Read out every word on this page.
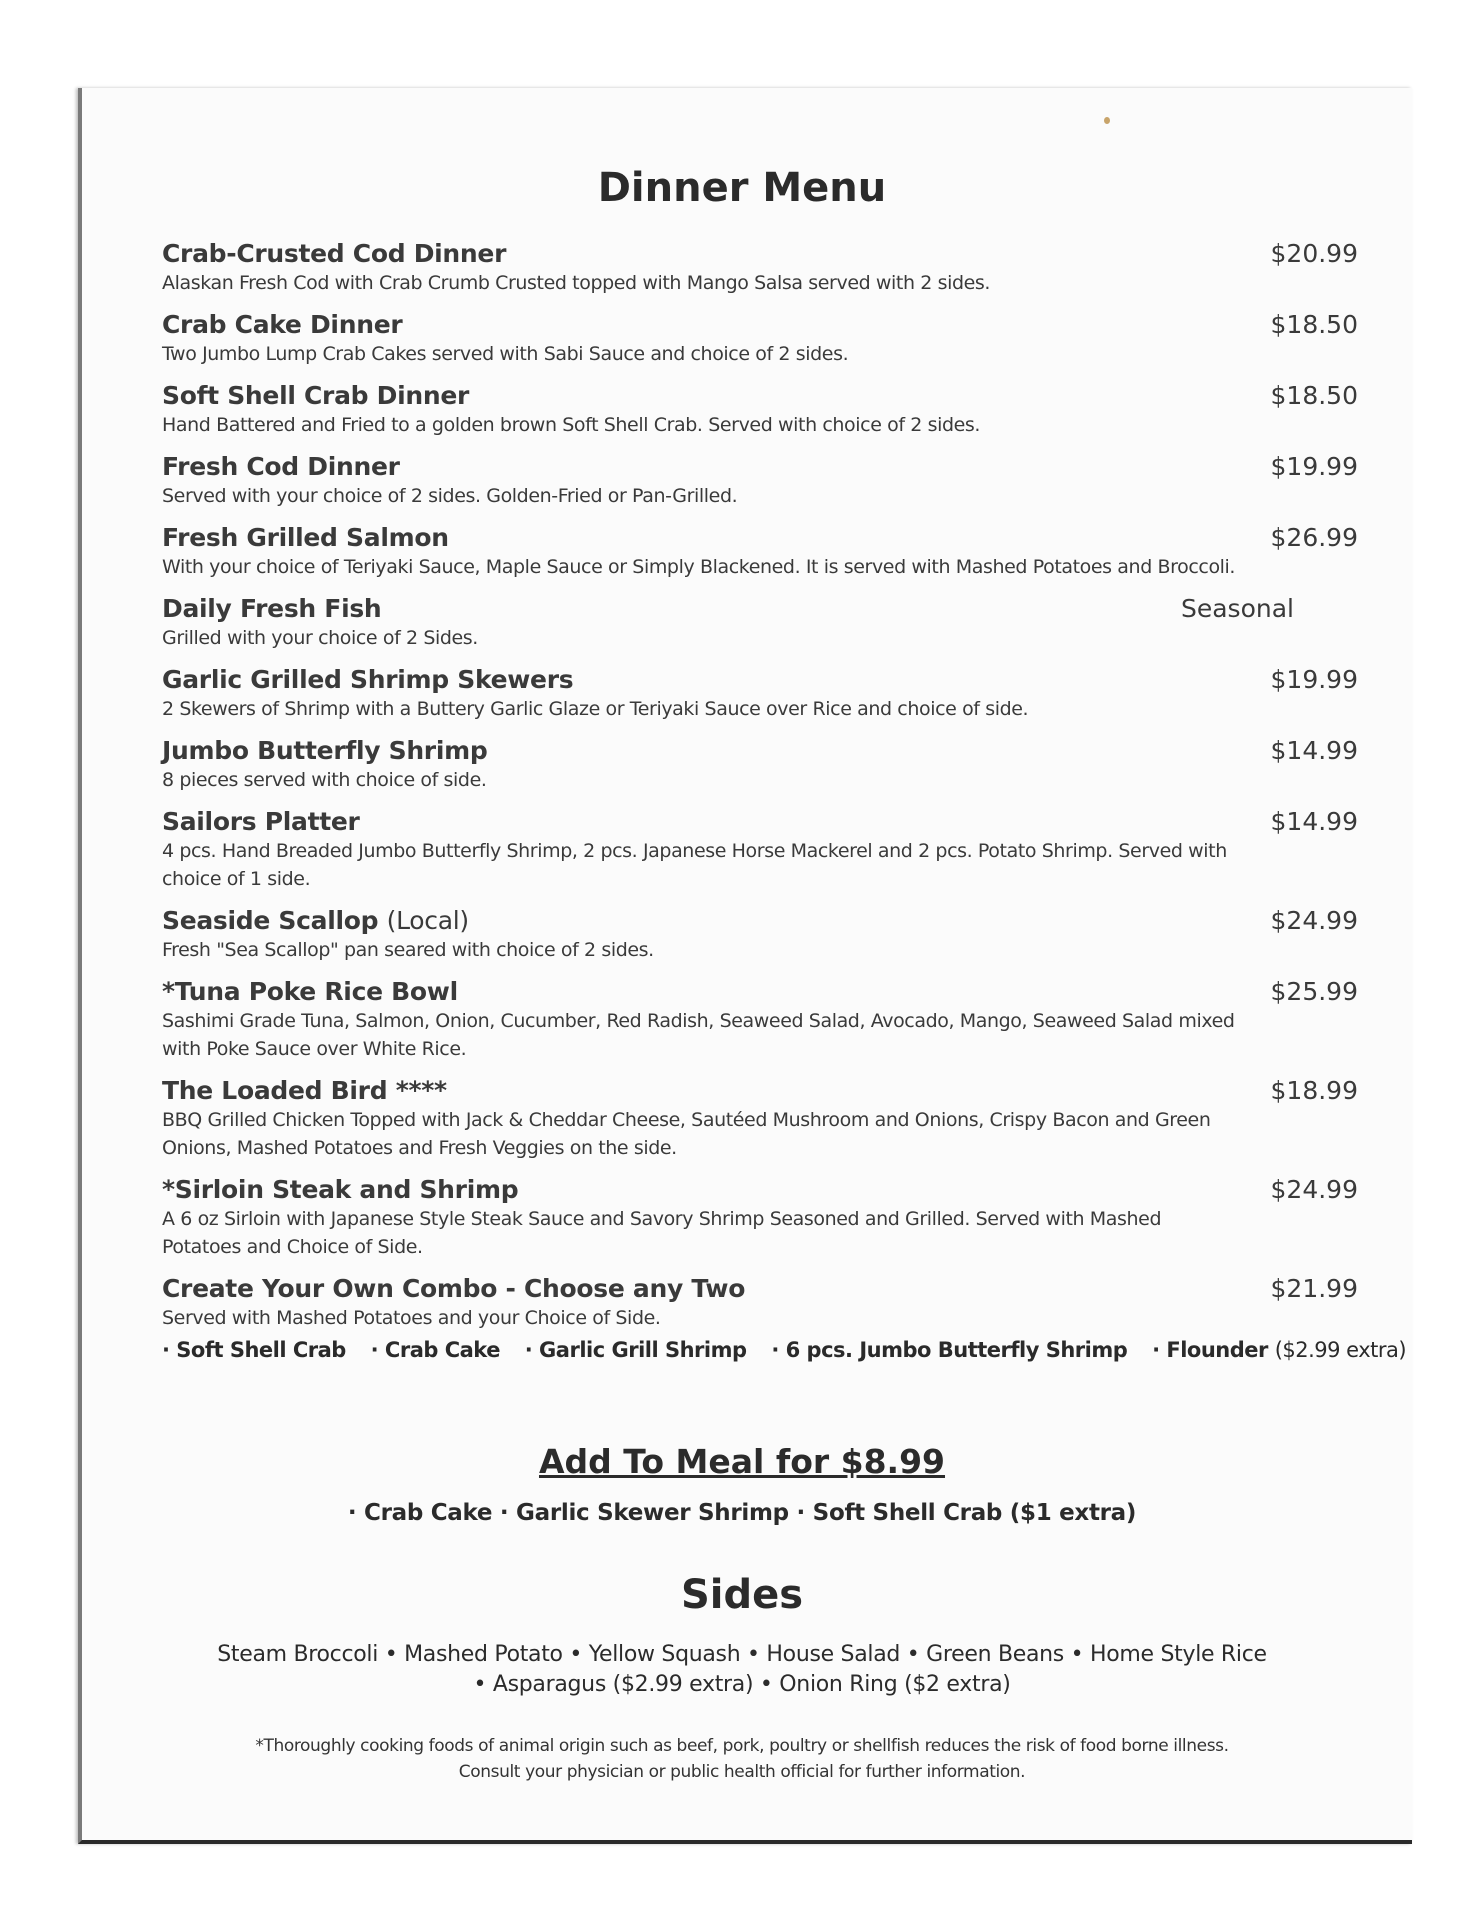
Dinner Menu
Crab-Crusted Cod Dinner	$20.99
Alaskan Fresh Cod with Crab Crumb Crusted topped with Mango Salsa served with 2 sides.
Crab Cake Dinner	$18.50
Two Jumbo Lump Crab Cakes served with Sabi Sauce and choice of 2 sides.
Soft Shell Crab Dinner	$18.50
Hand Battered and Fried to a golden brown Soft Shell Crab. Served with choice of 2 sides.
Fresh Cod Dinner	$19.99
Served with your choice of 2 sides. Golden-Fried or Pan-Grilled.
Fresh Grilled Salmon	$26.99
With your choice of Teriyaki Sauce, Maple Sauce or Simply Blackened. It is served with Mashed Potatoes and Broccoli.
Daily Fresh Fish	Seasonal
Grilled with your choice of 2 Sides.
Garlic Grilled Shrimp Skewers	$19.99
2 Skewers of Shrimp with a Buttery Garlic Glaze or Teriyaki Sauce over Rice and choice of side.
Jumbo Butterfly Shrimp	$14.99
8 pieces served with choice of side.
Sailors Platter	$14.99
4 pcs. Hand Breaded Jumbo Butterfly Shrimp, 2 pcs. Japanese Horse Mackerel and 2 pcs. Potato Shrimp. Served with choice of 1 side.
Seaside Scallop (Local)	$24.99
Fresh "Sea Scallop" pan seared with choice of 2 sides.
*Tuna Poke Rice Bowl	$25.99
Sashimi Grade Tuna, Salmon, Onion, Cucumber, Red Radish, Seaweed Salad, Avocado, Mango, Seaweed Salad mixed with Poke Sauce over White Rice.
The Loaded Bird ****	$18.99
BBQ Grilled Chicken Topped with Jack & Cheddar Cheese, Sautéed Mushroom and Onions, Crispy Bacon and Green Onions, Mashed Potatoes and Fresh Veggies on the side.
*Sirloin Steak and Shrimp	$24.99
A 6 oz Sirloin with Japanese Style Steak Sauce and Savory Shrimp Seasoned and Grilled. Served with Mashed Potatoes and Choice of Side.
Create Your Own Combo - Choose any Two	$21.99
Served with Mashed Potatoes and your Choice of Side.
· Soft Shell Crab · Crab Cake · Garlic Grill Shrimp · 6 pcs. Jumbo Butterfly Shrimp · Flounder ($2.99 extra)
Add To Meal for $8.99
· Crab Cake · Garlic Skewer Shrimp · Soft Shell Crab ($1 extra)
Sides
Steam Broccoli • Mashed Potato • Yellow Squash • House Salad • Green Beans • Home Style Rice
• Asparagus ($2.99 extra) • Onion Ring ($2 extra)
*Thoroughly cooking foods of animal origin such as beef, pork, poultry or shellfish reduces the risk of food borne illness.
Consult your physician or public health official for further information.
